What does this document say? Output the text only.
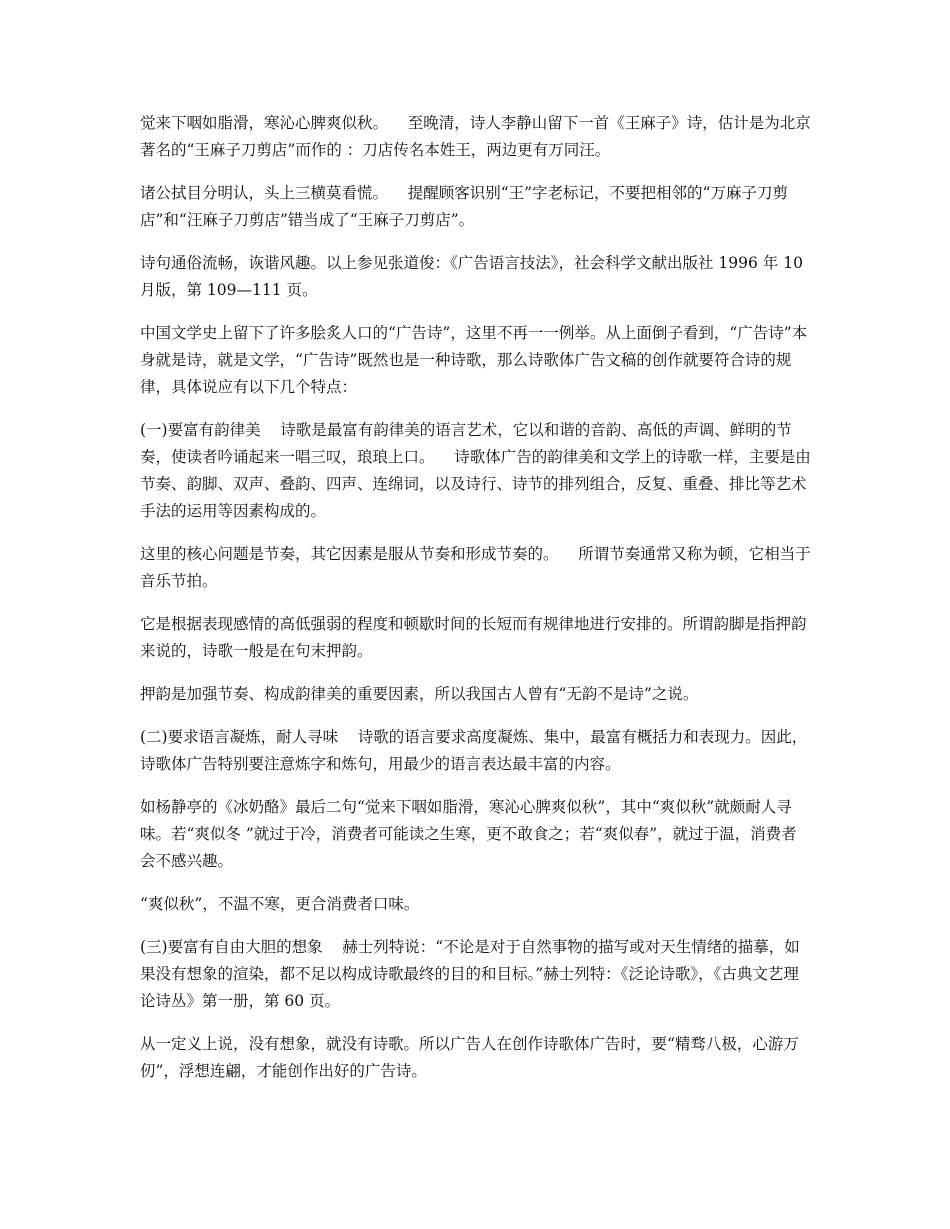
觉来下咽如脂滑，寒沁心脾爽似秋。    至晚清，诗人李静山留下一首《王麻子》诗，估计是为北京著名的“王麻子刀剪店”而作的 ：刀店传名本姓王，两边更有万同汪。

诸公拭目分明认，头上三横莫看慌。    提醒顾客识别“王”字老标记，不要把相邻的“万麻子刀剪店”和“汪麻子刀剪店”错当成了“王麻子刀剪店”。

诗句通俗流畅，诙谐风趣。以上参见张道俊：《广告语言技法》，社会科学文献出版社 1996 年 10 月版，第 109—111 页。

中国文学史上留下了许多脍炙人口的“广告诗”，这里不再一一例举。从上面倒子看到，“广告诗”本身就是诗，就是文学，“广告诗”既然也是一种诗歌，那么诗歌体广告文稿的创作就要符合诗的规律，具体说应有以下几个特点：

(一)要富有韵律美    诗歌是最富有韵律美的语言艺术，它以和谐的音韵、高低的声调、鲜明的节奏，使读者吟诵起来一唱三叹，琅琅上口。    诗歌体广告的韵律美和文学上的诗歌一样，主要是由节奏、韵脚、双声、叠韵、四声、连绵词，以及诗行、诗节的排列组合，反复、重叠、排比等艺术手法的运用等因素构成的。

这里的核心问题是节奏，其它因素是服从节奏和形成节奏的。    所谓节奏通常又称为顿，它相当于音乐节拍。

它是根据表现感情的高低强弱的程度和顿歇时间的长短而有规律地进行安排的。所谓韵脚是指押韵来说的，诗歌一般是在句末押韵。

押韵是加强节奏、构成韵律美的重要因素，所以我国古人曾有“无韵不是诗”之说。

(二)要求语言凝炼，耐人寻味    诗歌的语言要求高度凝炼、集中，最富有概括力和表现力。因此，诗歌体广告特别要注意炼字和炼句，用最少的语言表达最丰富的内容。

如杨静亭的《冰奶酪》最后二句“觉来下咽如脂滑，寒沁心脾爽似秋”，其中“爽似秋”就颇耐人寻味。若“爽似冬 ”就过于冷，消费者可能读之生寒，更不敢食之；若“爽似春”，就过于温，消费者会不感兴趣。

“爽似秋”，不温不寒，更合消费者口味。

(三)要富有自由大胆的想象    赫士列特说：“不论是对于自然事物的描写或对天生情绪的描摹，如果没有想象的渲染，都不足以构成诗歌最终的目的和目标。”赫士列特：《泛论诗歌》，《古典文艺理论诗丛》第一册，第 60 页。

从一定义上说，没有想象，就没有诗歌。所以广告人在创作诗歌体广告时，要“精骛八极，心游万仞”，浮想连翩，才能创作出好的广告诗。
